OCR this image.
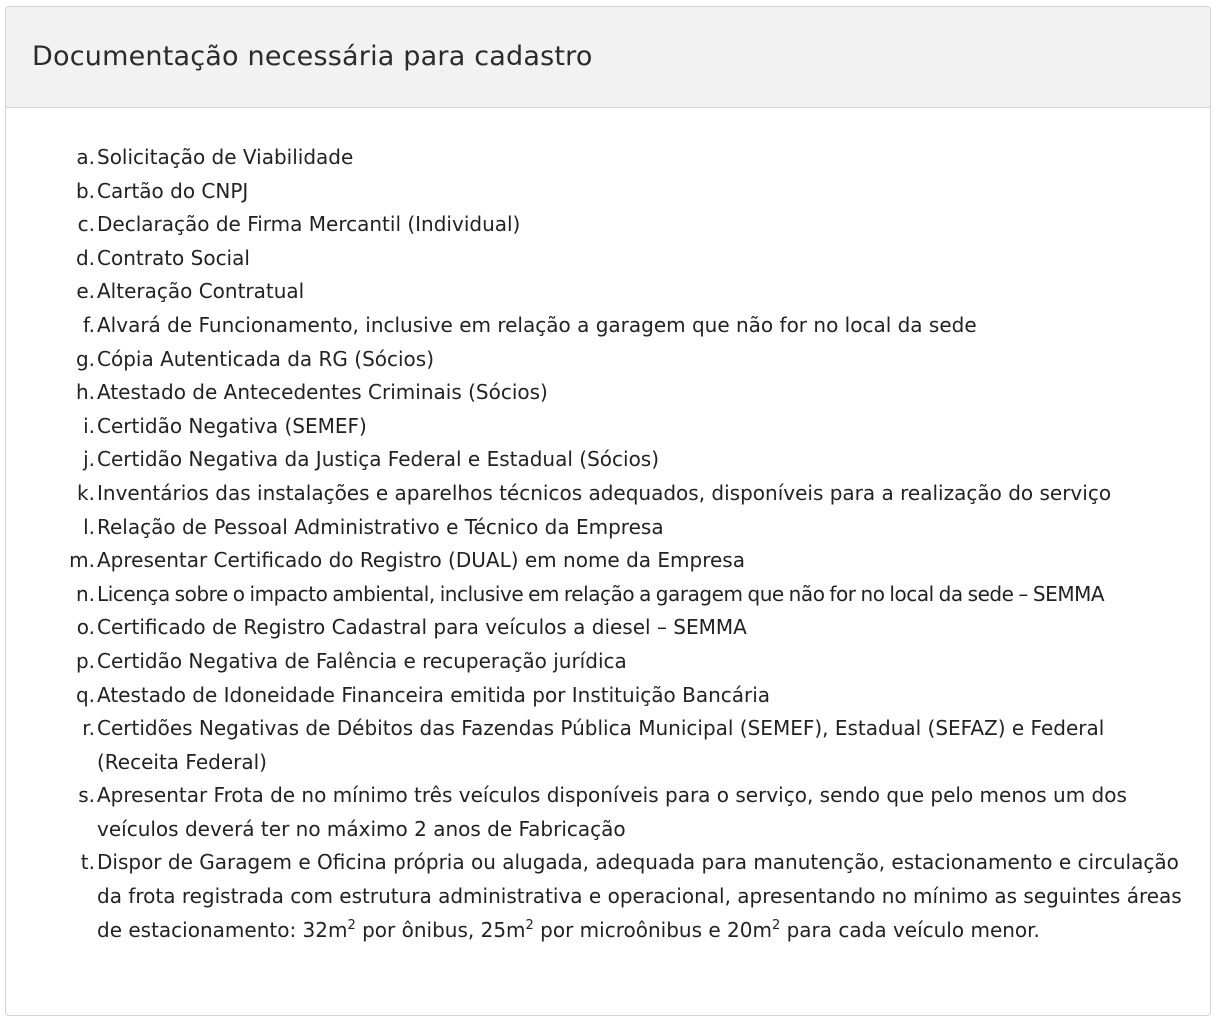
Documentação necessária para cadastro
a. Solicitação de Viabilidade
b. Cartão do CNPJ
c. Declaração de Firma Mercantil (Individual)
d. Contrato Social
e. Alteração Contratual
f. Alvará de Funcionamento, inclusive em relação a garagem que não for no local da sede
g. Cópia Autenticada da RG (Sócios)
h. Atestado de Antecedentes Criminais (Sócios)
i. Certidão Negativa (SEMEF)
j. Certidão Negativa da Justiça Federal e Estadual (Sócios)
k. Inventários das instalações e aparelhos técnicos adequados, disponíveis para a realização do serviço
l. Relação de Pessoal Administrativo e Técnico da Empresa
m. Apresentar Certificado do Registro (DUAL) em nome da Empresa
n. Licença sobre o impacto ambiental, inclusive em relação a garagem que não for no local da sede – SEMMA
o. Certificado de Registro Cadastral para veículos a diesel – SEMMA
p. Certidão Negativa de Falência e recuperação jurídica
q. Atestado de Idoneidade Financeira emitida por Instituição Bancária
r. Certidões Negativas de Débitos das Fazendas Pública Municipal (SEMEF), Estadual (SEFAZ) e Federal (Receita Federal)
s. Apresentar Frota de no mínimo três veículos disponíveis para o serviço, sendo que pelo menos um dos veículos deverá ter no máximo 2 anos de Fabricação
t. Dispor de Garagem e Oficina própria ou alugada, adequada para manutenção, estacionamento e circulação da frota registrada com estrutura administrativa e operacional, apresentando no mínimo as seguintes áreas de estacionamento: $32m^2$ por ônibus, $25m^2$ por microônibus e $20m^2$ para cada veículo menor.
